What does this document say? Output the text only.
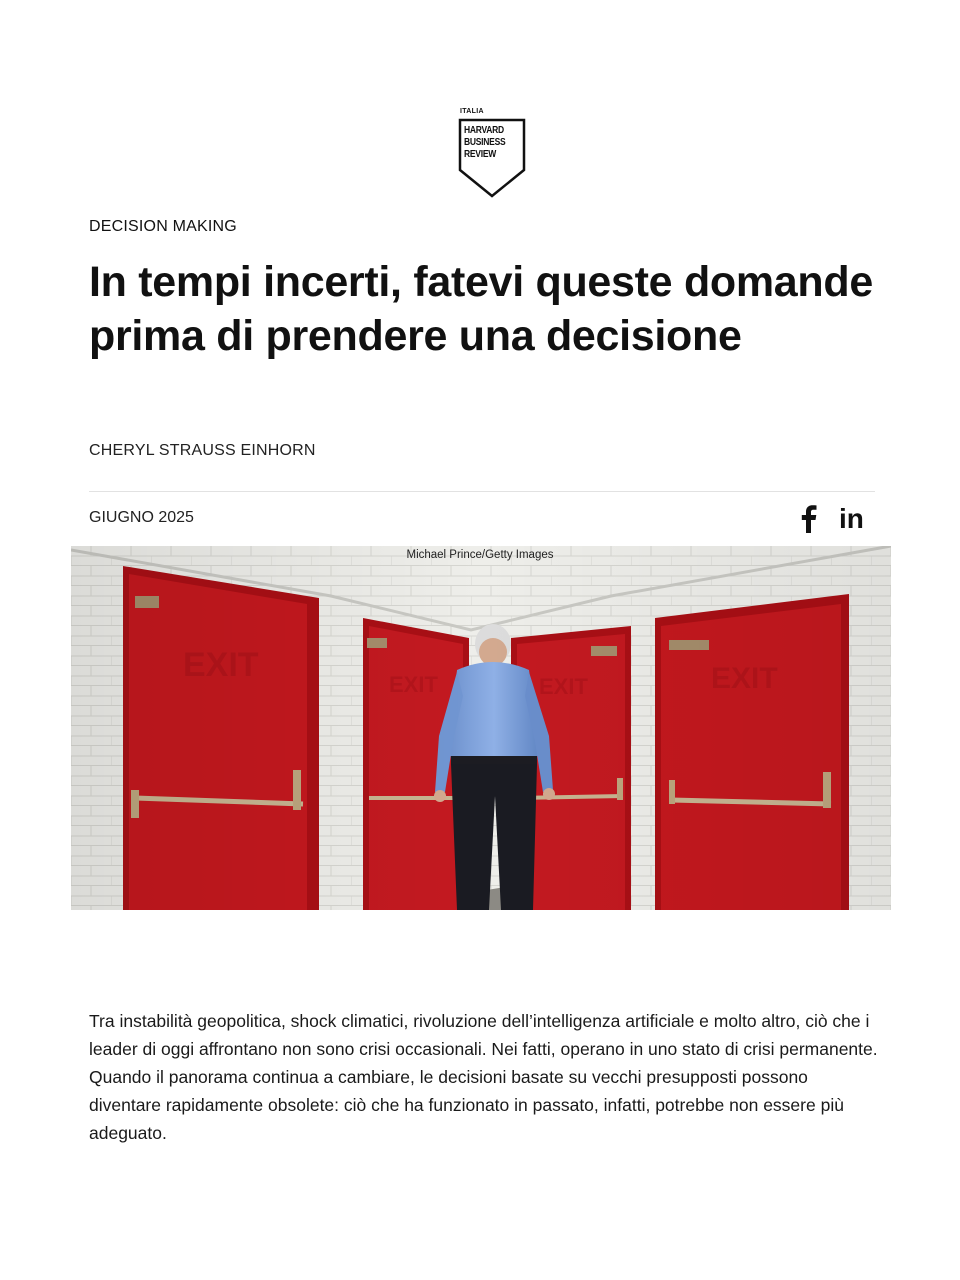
ITALIA
HARVARD
BUSINESS
REVIEW
DECISION MAKING
In tempi incerti, fatevi queste domande prima di prendere una decisione
CHERYL STRAUSS EINHORN
GIUGNO 2025	in
Michael Prince/Getty Images

Tra instabilità geopolitica, shock climatici, rivoluzione dell’intelligenza artificiale e molto altro, ciò che i leader di oggi affrontano non sono crisi occasionali. Nei fatti, operano in uno stato di crisi permanente. Quando il panorama continua a cambiare, le decisioni basate su vecchi presupposti possono diventare rapidamente obsolete: ciò che ha funzionato in passato, infatti, potrebbe non essere più adeguato.
